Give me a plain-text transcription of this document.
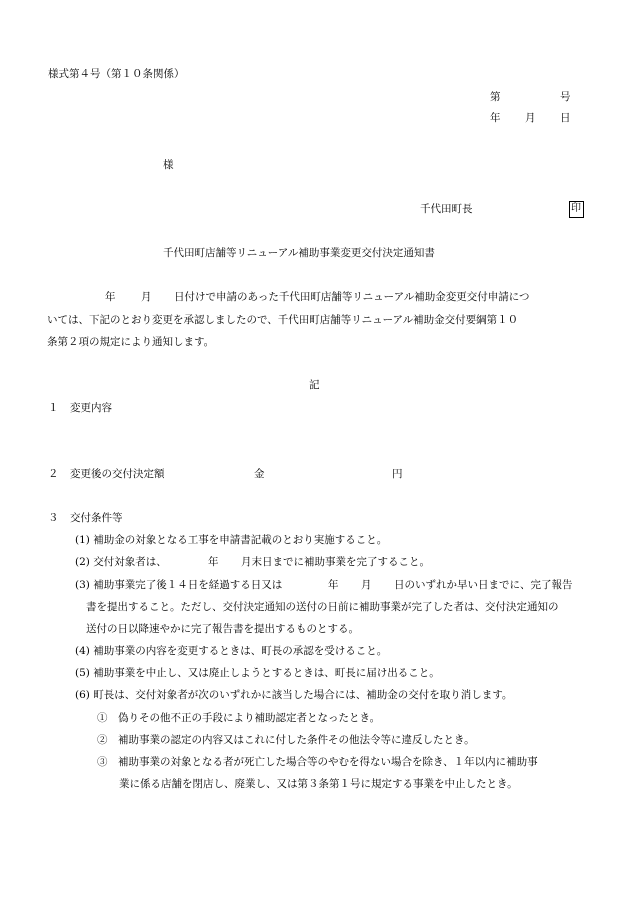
様式第４号（第１０条関係）
第	号
年 月 日
様
千代田町長	印
千代田町店舗等リニューアル補助事業変更交付決定通知書
年 月 日付けで申請のあった千代田町店舗等リニューアル補助金変更交付申請につ
いては、下記のとおり変更を承認しましたので、千代田町店舗等リニューアル補助金交付要綱第１０
条第２項の規定により通知します。
記
１ 変更内容
２ 変更後の交付決定額	金	円
３ 交付条件等
(1) 補助金の対象となる工事を申請書記載のとおり実施すること。
(2) 交付対象者は、	年 月末日までに補助事業を完了すること。
(3) 補助事業完了後１４日を経過する日又は	年 月 日のいずれか早い日までに、完了報告
書を提出すること。ただし、交付決定通知の送付の日前に補助事業が完了した者は、交付決定通知の
送付の日以降速やかに完了報告書を提出するものとする。
(4) 補助事業の内容を変更するときは、町長の承認を受けること。
(5) 補助事業を中止し、又は廃止しようとするときは、町長に届け出ること。
(6) 町長は、交付対象者が次のいずれかに該当した場合には、補助金の交付を取り消します。
①　偽りその他不正の手段により補助認定者となったとき。
②　補助事業の認定の内容又はこれに付した条件その他法令等に違反したとき。
③　補助事業の対象となる者が死亡した場合等のやむを得ない場合を除き、１年以内に補助事
業に係る店舗を閉店し、廃業し、又は第３条第１号に規定する事業を中止したとき。
